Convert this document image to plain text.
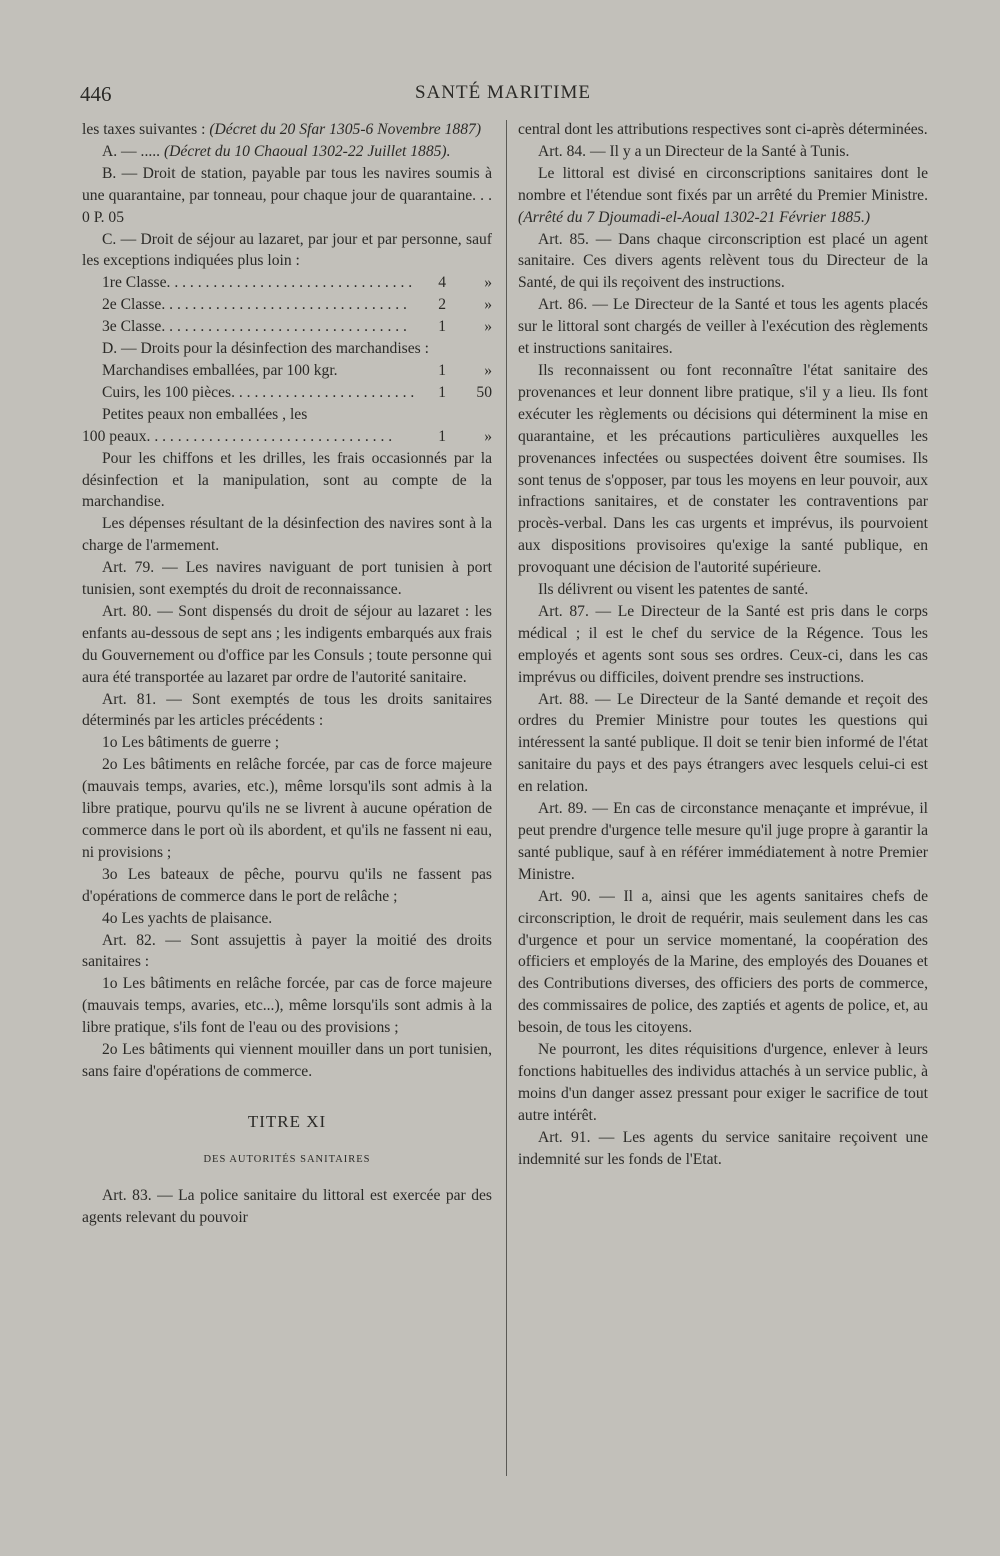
446	SANTÉ MARITIME

les taxes suivantes : (Décret du 20 Sfar 1305-6 Novembre 1887)

A. — ..... (Décret du 10 Chaoual 1302-22 Juillet 1885).

B. — Droit de station, payable par tous les navires soumis à une quarantaine, par tonneau, pour chaque jour de quarantaine. . . 0 P. 05

C. — Droit de séjour au lazaret, par jour et par personne, sauf les exceptions indiquées plus loin :

1re Classe . . .	4	»
2e Classe . . .	2	»
3e Classe . . .	1	»

D. — Droits pour la désinfection des marchandises :

Marchandises emballées, par 100 kgr.	1	»
Cuirs, les 100 pièces . . .	1	50

Petites peaux non emballées , les

100 peaux . . .	1	»

Pour les chiffons et les drilles, les frais occasionnés par la désinfection et la manipulation, sont au compte de la marchandise.

Les dépenses résultant de la désinfection des navires sont à la charge de l'armement.

Art. 79. — Les navires naviguant de port tunisien à port tunisien, sont exemptés du droit de reconnaissance.

Art. 80. — Sont dispensés du droit de séjour au lazaret : les enfants au-dessous de sept ans ; les indigents embarqués aux frais du Gouvernement ou d'office par les Consuls ; toute personne qui aura été transportée au lazaret par ordre de l'autorité sanitaire.

Art. 81. — Sont exemptés de tous les droits sanitaires déterminés par les articles précédents :

1o Les bâtiments de guerre ;

2o Les bâtiments en relâche forcée, par cas de force majeure (mauvais temps, avaries, etc.), même lorsqu'ils sont admis à la libre pratique, pourvu qu'ils ne se livrent à aucune opération de commerce dans le port où ils abordent, et qu'ils ne fassent ni eau, ni provisions ;

3o Les bateaux de pêche, pourvu qu'ils ne fassent pas d'opérations de commerce dans le port de relâche ;

4o Les yachts de plaisance.

Art. 82. — Sont assujettis à payer la moitié des droits sanitaires :

1o Les bâtiments en relâche forcée, par cas de force majeure (mauvais temps, avaries, etc...), même lorsqu'ils sont admis à la libre pratique, s'ils font de l'eau ou des provisions ;

2o Les bâtiments qui viennent mouiller dans un port tunisien, sans faire d'opérations de commerce.

TITRE XI

DES AUTORITÉS SANITAIRES

Art. 83. — La police sanitaire du littoral est exercée par des agents relevant du pouvoir

central dont les attributions respectives sont ci-après déterminées.

Art. 84. — Il y a un Directeur de la Santé à Tunis.

Le littoral est divisé en circonscriptions sanitaires dont le nombre et l'étendue sont fixés par un arrêté du Premier Ministre. (Arrêté du 7 Djoumadi-el-Aoual 1302-21 Février 1885.)

Art. 85. — Dans chaque circonscription est placé un agent sanitaire. Ces divers agents relèvent tous du Directeur de la Santé, de qui ils reçoivent des instructions.

Art. 86. — Le Directeur de la Santé et tous les agents placés sur le littoral sont chargés de veiller à l'exécution des règlements et instructions sanitaires.

Ils reconnaissent ou font reconnaître l'état sanitaire des provenances et leur donnent libre pratique, s'il y a lieu. Ils font exécuter les règlements ou décisions qui déterminent la mise en quarantaine, et les précautions particulières auxquelles les provenances infectées ou suspectées doivent être soumises. Ils sont tenus de s'opposer, par tous les moyens en leur pouvoir, aux infractions sanitaires, et de constater les contraventions par procès-verbal. Dans les cas urgents et imprévus, ils pourvoient aux dispositions provisoires qu'exige la santé publique, en provoquant une décision de l'autorité supérieure.

Ils délivrent ou visent les patentes de santé.

Art. 87. — Le Directeur de la Santé est pris dans le corps médical ; il est le chef du service de la Régence. Tous les employés et agents sont sous ses ordres. Ceux-ci, dans les cas imprévus ou difficiles, doivent prendre ses instructions.

Art. 88. — Le Directeur de la Santé demande et reçoit des ordres du Premier Ministre pour toutes les questions qui intéressent la santé publique. Il doit se tenir bien informé de l'état sanitaire du pays et des pays étrangers avec lesquels celui-ci est en relation.

Art. 89. — En cas de circonstance menaçante et imprévue, il peut prendre d'urgence telle mesure qu'il juge propre à garantir la santé publique, sauf à en référer immédiatement à notre Premier Ministre.

Art. 90. — Il a, ainsi que les agents sanitaires chefs de circonscription, le droit de requérir, mais seulement dans les cas d'urgence et pour un service momentané, la coopération des officiers et employés de la Marine, des employés des Douanes et des Contributions diverses, des officiers des ports de commerce, des commissaires de police, des zaptiés et agents de police, et, au besoin, de tous les citoyens.

Ne pourront, les dites réquisitions d'urgence, enlever à leurs fonctions habituelles des individus attachés à un service public, à moins d'un danger assez pressant pour exiger le sacrifice de tout autre intérêt.

Art. 91. — Les agents du service sanitaire reçoivent une indemnité sur les fonds de l'Etat.
